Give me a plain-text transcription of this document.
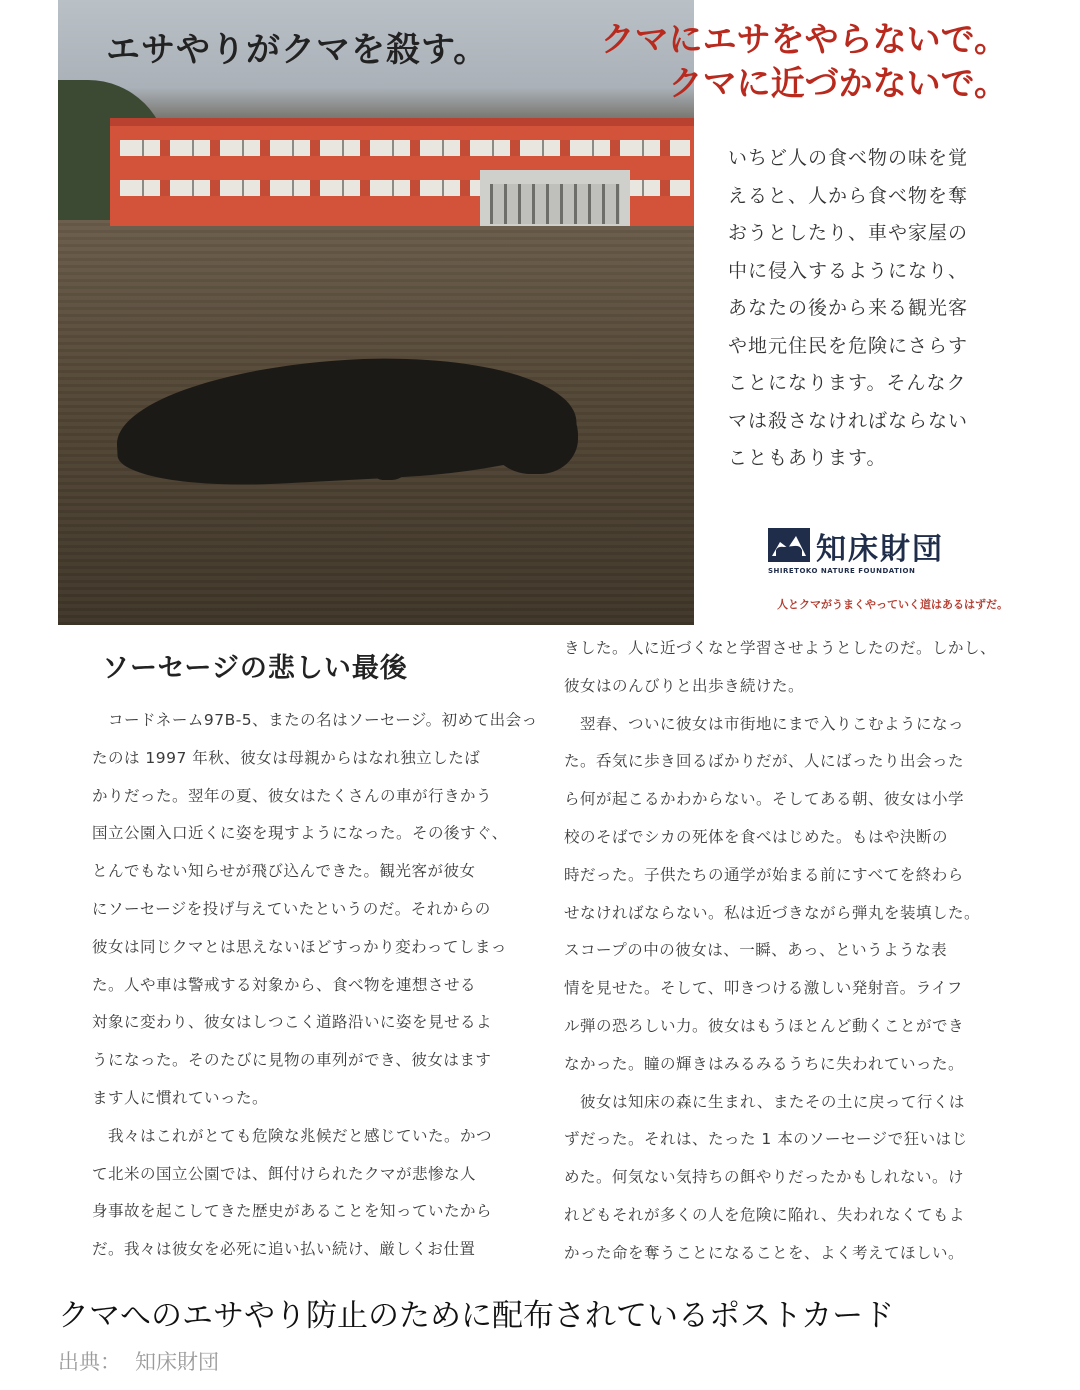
エサやりがクマを殺す。	クマにエサをやらないで。
クマに近づかないで。
いちど人の食べ物の味を覚
えると、人から食べ物を奪
おうとしたり、車や家屋の
中に侵入するようになり、
あなたの後から来る観光客
や地元住民を危険にさらす
ことになります。そんなク
マは殺さなければならない
こともあります。
知床財団
SHIRETOKO NATURE FOUNDATION
人とクマがうまくやっていく道はあるはずだ。
ソーセージの悲しい最後

　コードネーム97B-5、またの名はソーセージ。初めて出会っ

たのは 1997 年秋、彼女は母親からはなれ独立したば

かりだった。翌年の夏、彼女はたくさんの車が行きかう

国立公園入口近くに姿を現すようになった。その後すぐ、

とんでもない知らせが飛び込んできた。観光客が彼女

にソーセージを投げ与えていたというのだ。それからの

彼女は同じクマとは思えないほどすっかり変わってしまっ

た。人や車は警戒する対象から、食べ物を連想させる

対象に変わり、彼女はしつこく道路沿いに姿を見せるよ

うになった。そのたびに見物の車列ができ、彼女はます

ます人に慣れていった。

　我々はこれがとても危険な兆候だと感じていた。かつ

て北米の国立公園では、餌付けられたクマが悲惨な人

身事故を起こしてきた歴史があることを知っていたから

だ。我々は彼女を必死に追い払い続け、厳しくお仕置

きした。人に近づくなと学習させようとしたのだ。しかし、

彼女はのんびりと出歩き続けた。

　翌春、ついに彼女は市街地にまで入りこむようになっ

た。呑気に歩き回るばかりだが、人にばったり出会った

ら何が起こるかわからない。そしてある朝、彼女は小学

校のそばでシカの死体を食べはじめた。もはや決断の

時だった。子供たちの通学が始まる前にすべてを終わら

せなければならない。私は近づきながら弾丸を装填した。

スコープの中の彼女は、一瞬、あっ、というような表

情を見せた。そして、叩きつける激しい発射音。ライフ

ル弾の恐ろしい力。彼女はもうほとんど動くことができ

なかった。瞳の輝きはみるみるうちに失われていった。

　彼女は知床の森に生まれ、またその土に戻って行くは

ずだった。それは、たった 1 本のソーセージで狂いはじ

めた。何気ない気持ちの餌やりだったかもしれない。け

れどもそれが多くの人を危険に陥れ、失われなくてもよ

かった命を奪うことになることを、よく考えてほしい。

クマへのエサやり防止のために配布されているポストカード
出典： 知床財団
